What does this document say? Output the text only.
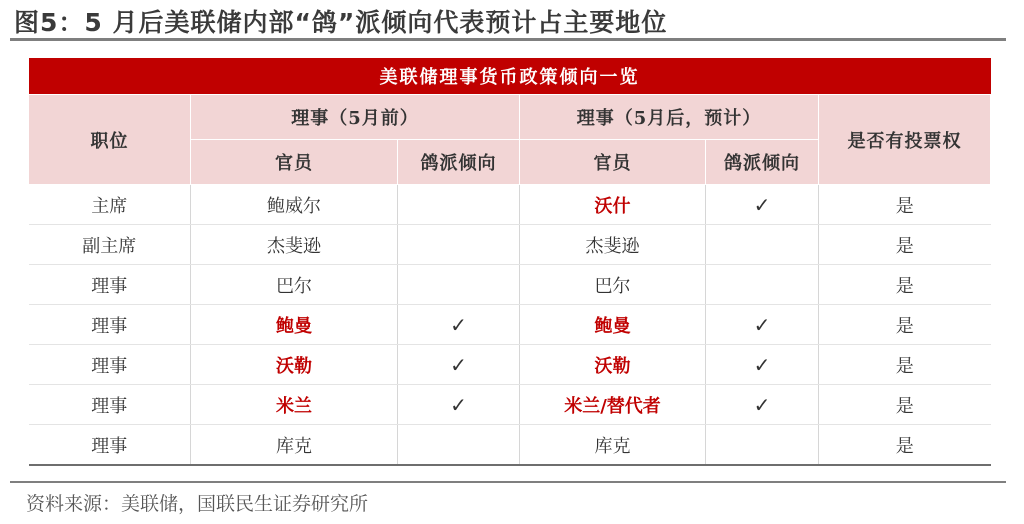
图5：5 月后美联储内部“鸽”派倾向代表预计占主要地位
美联储理事货币政策倾向一览					
职位	理事（5月前）		理事（5月后，预计）		是否有投票权
	官员	鸽派倾向	官员	鸽派倾向	
主席	鲍威尔		沃什	✓	是
副主席	杰斐逊		杰斐逊		是
理事	巴尔		巴尔		是
理事	鲍曼	✓	鲍曼	✓	是
理事	沃勒	✓	沃勒	✓	是
理事	米兰	✓	米兰/替代者	✓	是
理事	库克		库克		是
资料来源：美联储，国联民生证券研究所
